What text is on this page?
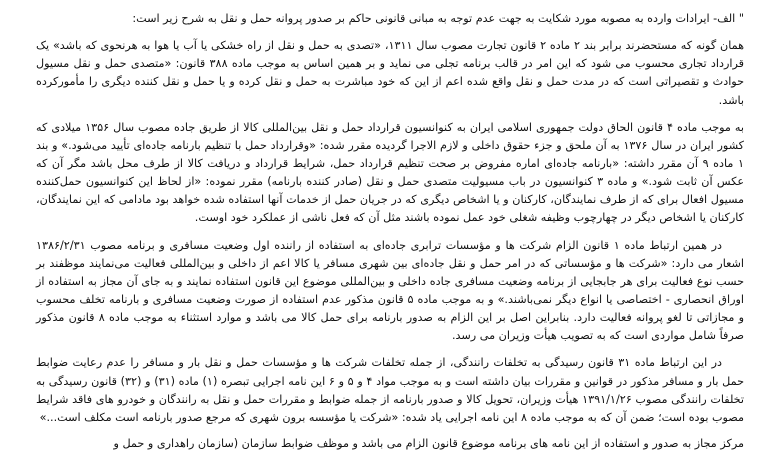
" الف- ایرادات وارده به مصوبه مورد شکایت به جهت عدم توجه به مبانی قانونی حاکم بر صدور پروانه حمل و نقل به شرح زیر است:

همان گونه که مستحضرند برابر بند ۲ ماده ۲ قانون تجارت مصوب سال ۱۳۱۱، «تصدی به حمل و نقل از راه خشکی یا آب یا هوا به هرنحوی که باشد» یک قرارداد تجاری محسوب می شود که این امر در قالب برنامه تجلی می نماید و بر همین اساس به موجب ماده ۳۸۸ قانون: «متصدی حمل و نقل مسیول حوادث و تقصیراتی است که در مدت حمل و نقل واقع شده اعم از این که خود مباشرت به حمل و نقل کرده و یا حمل و نقل کننده دیگری را مأمورکرده باشد.

به موجب ماده ۴ قانون الحاق دولت جمهوری اسلامی ایران به کنوانسیون قرارداد حمل و نقل بین‌المللی کالا از طریق جاده مصوب سال ۱۳۵۶ میلادی که کشور ایران در سال ۱۳۷۶ به آن ملحق و جزء حقوق داخلی و لازم الاجرا گردیده مقرر شده: «وقرارداد حمل با تنظیم بارنامه جاده‌ای تأیید می‌شود.» و بند ۱ ماده ۹ آن مقرر داشته: «بارنامه جاده‌ای اماره مفروض بر صحت تنظیم قرارداد حمل، شرایط قرارداد و دریافت کالا از طرف محل باشد مگر آن که عکس آن ثابت شود.» و ماده ۳ کنوانسیون در باب مسیولیت متصدی حمل و نقل (صادر کننده بارنامه) مقرر نموده: «از لحاظ این کنوانسیون حمل‌کننده مسیول افعال برای که از طرف نمایندگان، کارکنان و یا اشخاص دیگری که در جریان حمل از خدمات آنها استفاده شده خواهد بود مادامی که این نمایندگان، کارکنان یا اشخاص دیگر در چهارچوب وظیفه شغلی خود عمل نموده باشند مثل آن که فعل ناشی از عملکرد خود اوست.

در همین ارتباط ماده ۱ قانون الزام شرکت ها و مؤسسات ترابری جاده‌ای به استفاده از راننده اول وضعیت مسافری و برنامه مصوب ۱۳۸۶/۲/۳۱ اشعار می دارد: «شرکت ها و مؤسساتی که در امر حمل و نقل جاده‌ای بین شهری مسافر یا کالا اعم از داخلی و بین‌المللی فعالیت می‌نمایند موظفند بر حسب نوع فعالیت برای هر جابجایی از برنامه وضعیت مسافری جاده داخلی و بین‌المللی موضوع این قانون استفاده نمایند و به جای آن مجاز به استفاده از اوراق انحصاری - اختصاصی یا انواع دیگر نمی‌باشند.» و به موجب ماده ۵ قانون مذکور عدم استفاده از صورت وضعیت مسافری و بارنامه تخلف محسوب و مجازاتی تا لغو پروانه فعالیت دارد. بنابراین اصل بر این الزام به صدور بارنامه برای حمل کالا می باشد و موارد استثناء به موجب ماده ۸ قانون مذکور صرفاً شامل مواردی است که به تصویب هیأت وزیران می رسد.

در این ارتباط ماده ۳۱ قانون رسیدگی به تخلفات رانندگی، از جمله تخلفات شرکت ها و مؤسسات حمل و نقل بار و مسافر را عدم رعایت ضوابط حمل بار و مسافر مذکور در قوانین و مقررات بیان داشته است و به موجب مواد ۴ و ۵ و ۶ این نامه اجرایی تبصره (۱) ماده (۳۱) و (۳۲) قانون رسیدگی به تخلفات رانندگی مصوب ۱۳۹۱/۱/۲۶ هیأت وزیران، تحویل کالا و صدور بارنامه از جمله ضوابط و مقررات حمل و نقل به رانندگان و خودرو های فاقد شرایط مصوب بوده است؛ ضمن آن که به موجب ماده ۸ این نامه اجرایی یاد شده: «شرکت یا مؤسسه برون شهری که مرجع صدور بارنامه است مکلف است...»

مرکز مجاز به صدور و استفاده از این نامه های برنامه موضوع قانون الزام می باشد و موظف ضوابط سازمان (سازمان راهداری و حمل و
